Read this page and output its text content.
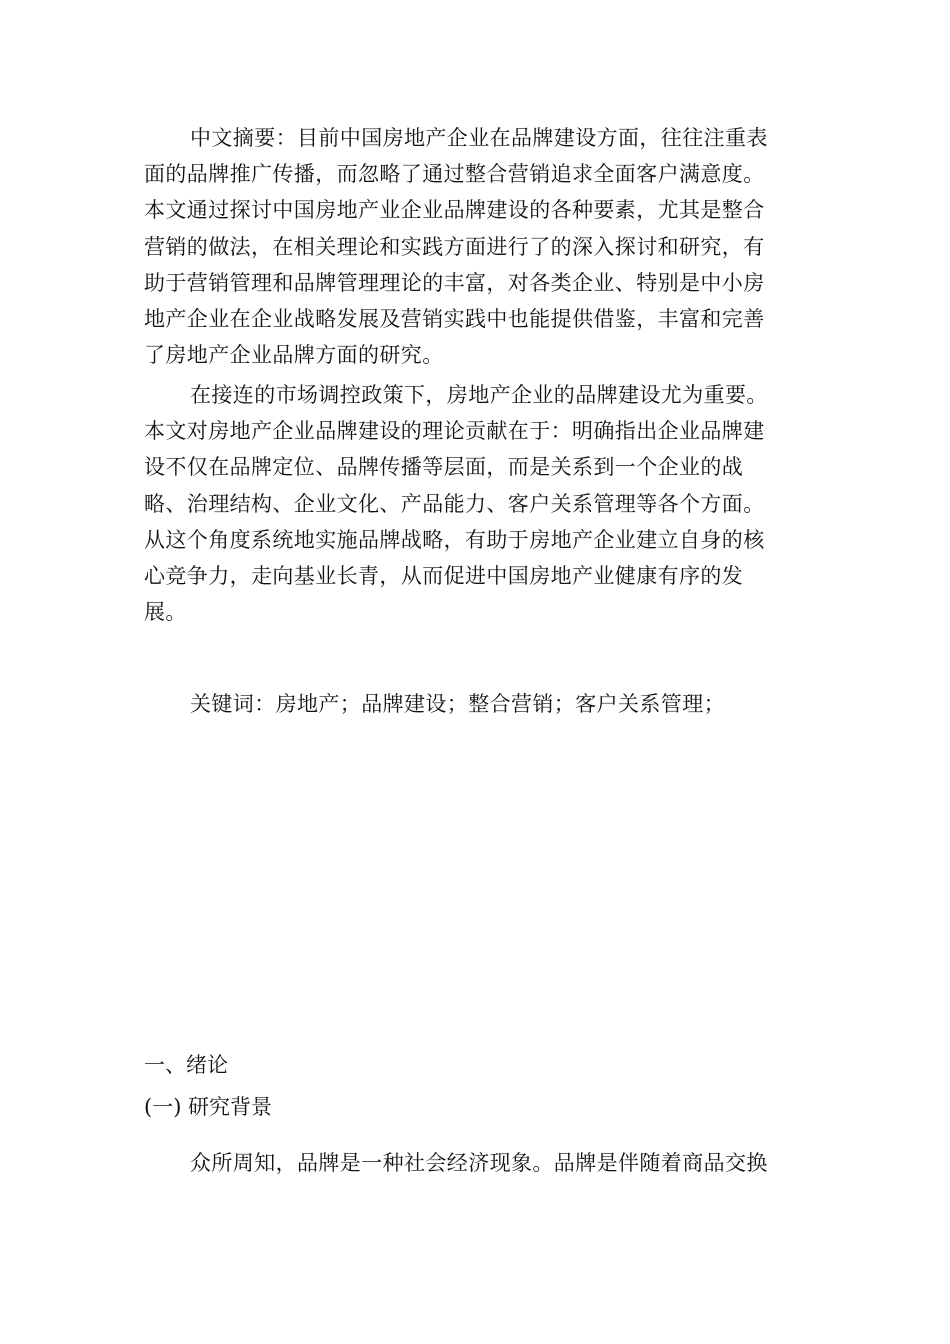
中文摘要：目前中国房地产企业在品牌建设方面，往往注重表
面的品牌推广传播，而忽略了通过整合营销追求全面客户满意度。
本文通过探讨中国房地产业企业品牌建设的各种要素，尤其是整合
营销的做法，在相关理论和实践方面进行了的深入探讨和研究，有
助于营销管理和品牌管理理论的丰富，对各类企业、特别是中小房
地产企业在企业战略发展及营销实践中也能提供借鉴，丰富和完善
了房地产企业品牌方面的研究。
在接连的市场调控政策下，房地产企业的品牌建设尤为重要。
本文对房地产企业品牌建设的理论贡献在于：明确指出企业品牌建
设不仅在品牌定位、品牌传播等层面，而是关系到一个企业的战
略、治理结构、企业文化、产品能力、客户关系管理等各个方面。
从这个角度系统地实施品牌战略，有助于房地产企业建立自身的核
心竞争力，走向基业长青，从而促进中国房地产业健康有序的发
展。
关键词：房地产；品牌建设；整合营销；客户关系管理；

一、绪论

(一) 研究背景

众所周知，品牌是一种社会经济现象。品牌是伴随着商品交换
